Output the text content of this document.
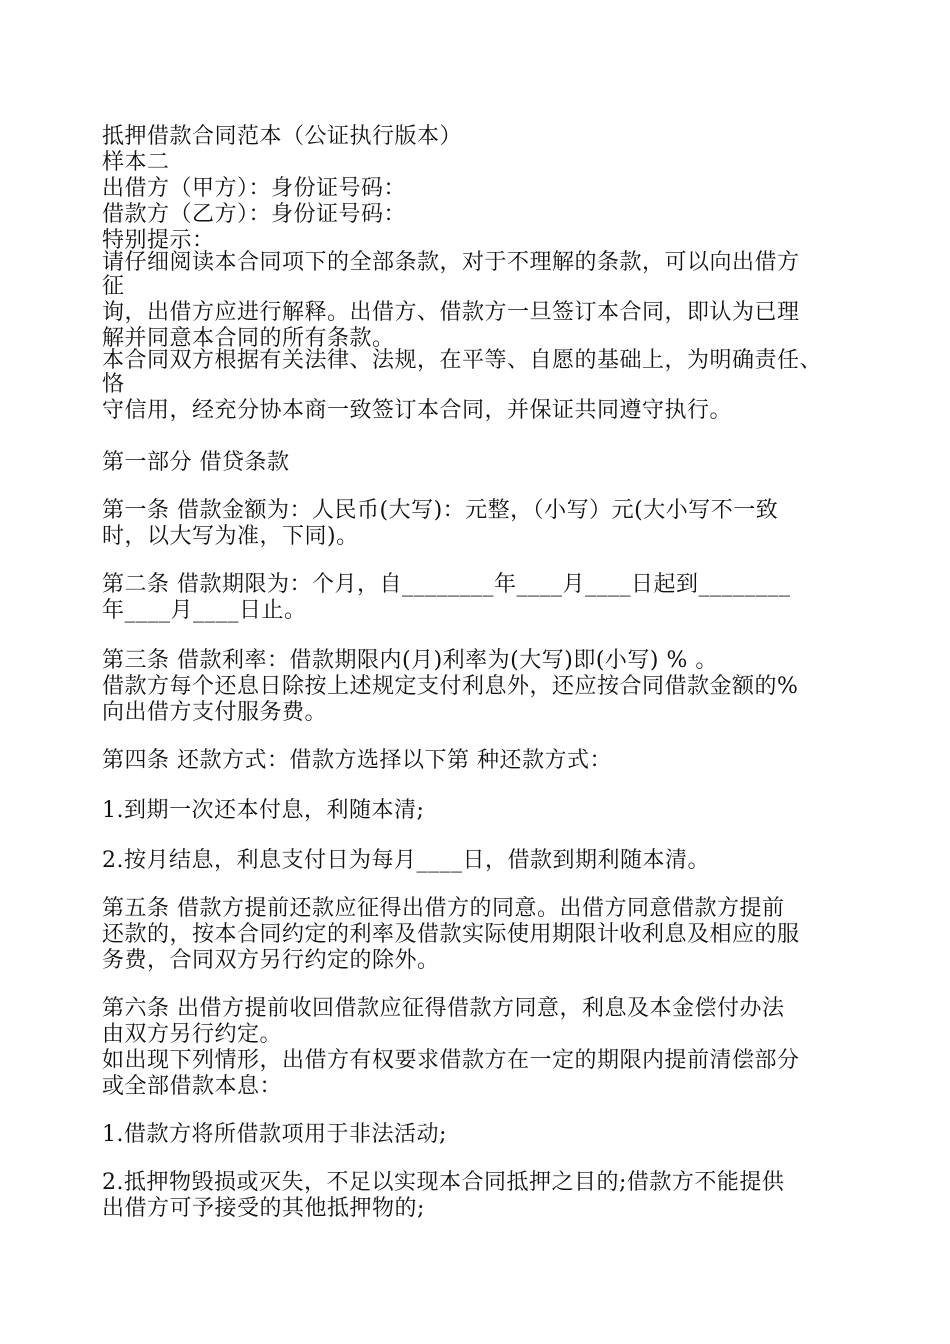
抵押借款合同范本（公证执行版本）
样本二
出借方（甲方）：身份证号码：
借款方（乙方）：身份证号码：
特别提示：
请仔细阅读本合同项下的全部条款，对于不理解的条款，可以向出借方
征
询，出借方应进行解释。出借方、借款方一旦签订本合同，即认为已理
解并同意本合同的所有条款。
本合同双方根据有关法律、法规，在平等、自愿的基础上，为明确责任、
恪
守信用，经充分协本商一致签订本合同，并保证共同遵守执行。
第一部分 借贷条款
第一条 借款金额为：人民币(大写)：元整，（小写）元(大小写不一致
时，以大写为准，下同)。
第二条 借款期限为：个月，自________年____月____日起到________
年____月____日止。
第三条 借款利率：借款期限内(月)利率为(大写)即(小写) % 。
借款方每个还息日除按上述规定支付利息外，还应按合同借款金额的%
向出借方支付服务费。
第四条 还款方式：借款方选择以下第 种还款方式：
1.到期一次还本付息，利随本清;
2.按月结息，利息支付日为每月____日，借款到期利随本清。
第五条 借款方提前还款应征得出借方的同意。出借方同意借款方提前
还款的，按本合同约定的利率及借款实际使用期限计收利息及相应的服
务费，合同双方另行约定的除外。
第六条 出借方提前收回借款应征得借款方同意，利息及本金偿付办法
由双方另行约定。
如出现下列情形，出借方有权要求借款方在一定的期限内提前清偿部分
或全部借款本息：
1.借款方将所借款项用于非法活动;
2.抵押物毁损或灭失，不足以实现本合同抵押之目的;借款方不能提供
出借方可予接受的其他抵押物的;
